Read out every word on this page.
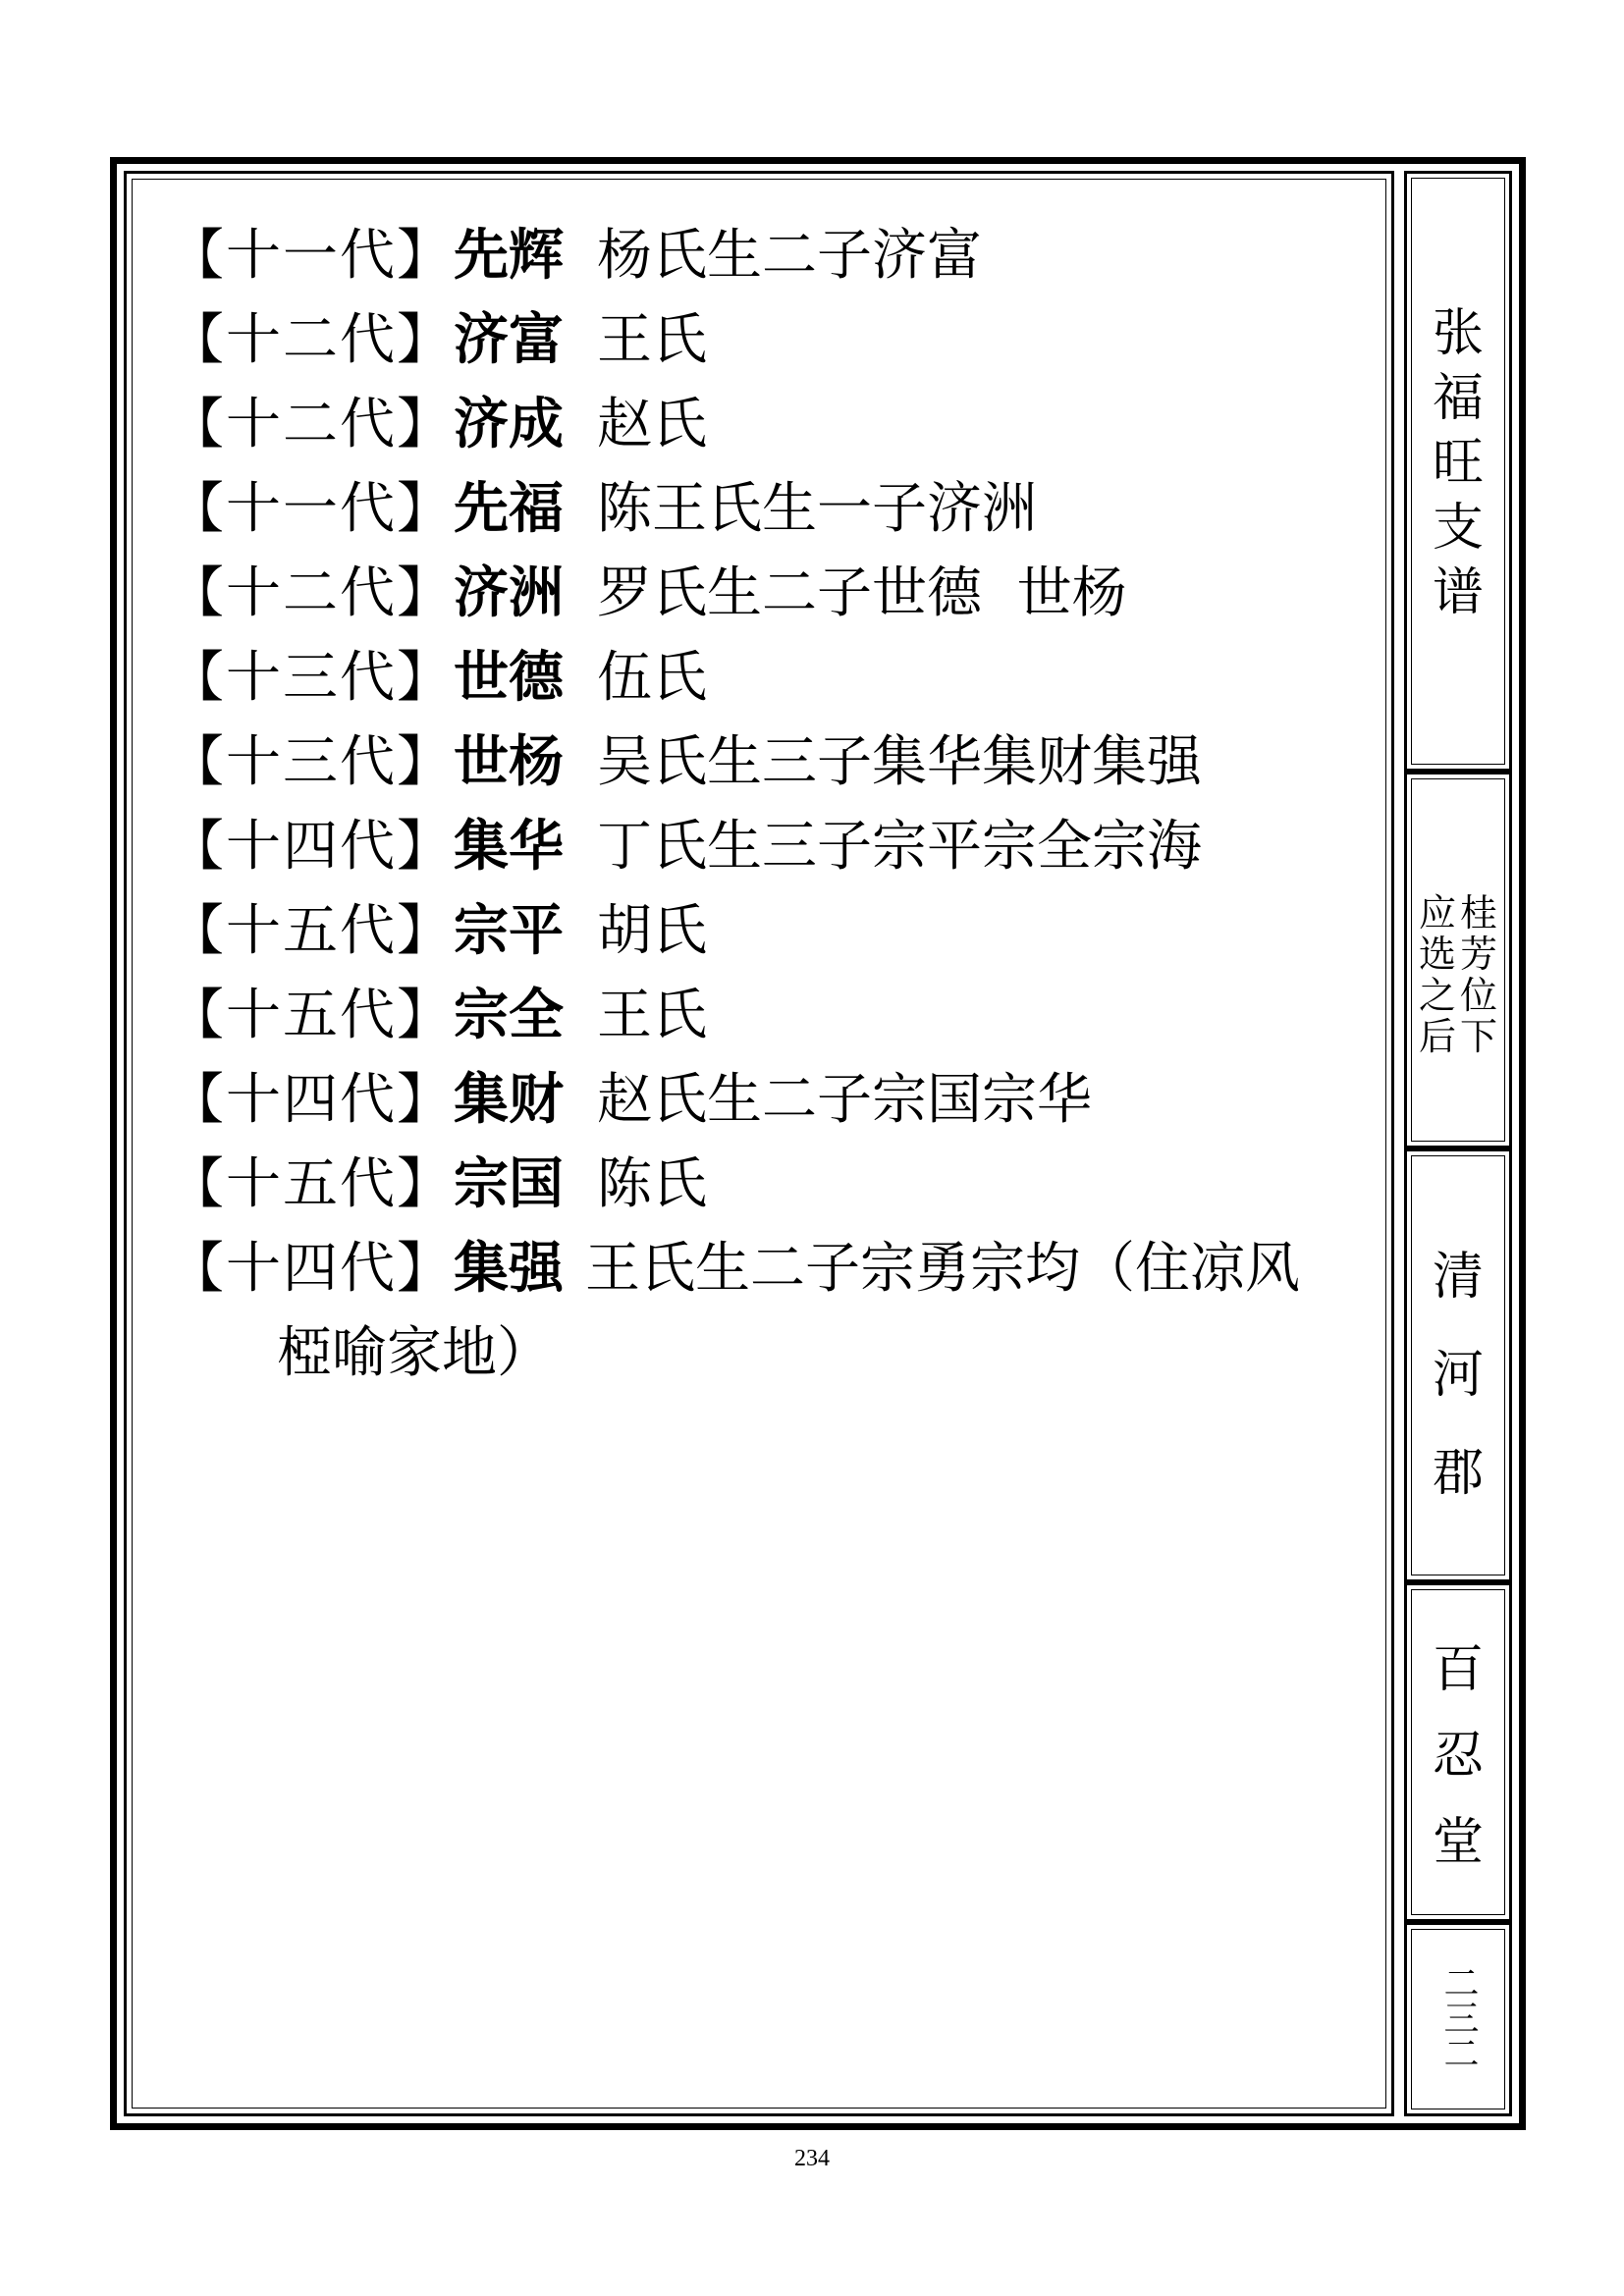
【十一代】先辉 杨氏生二子济富
【十二代】济富 王氏
【十二代】济成 赵氏
【十一代】先福 陈王氏生一子济洲
【十二代】济洲 罗氏生二子世德  世杨
【十三代】世德 伍氏
【十三代】世杨 吴氏生三子集华集财集强
【十四代】集华 丁氏生三子宗平宗全宗海
【十五代】宗平 胡氏
【十五代】宗全 王氏
【十四代】集财 赵氏生二子宗国宗华
【十五代】宗国 陈氏
【十四代】集强 王氏生二子宗勇宗均（住凉风
椏喻家地）
张
福
旺
支
谱
桂
芳
位
下
应
选
之
后
清
河
郡
百
忍
堂
二三二
234
